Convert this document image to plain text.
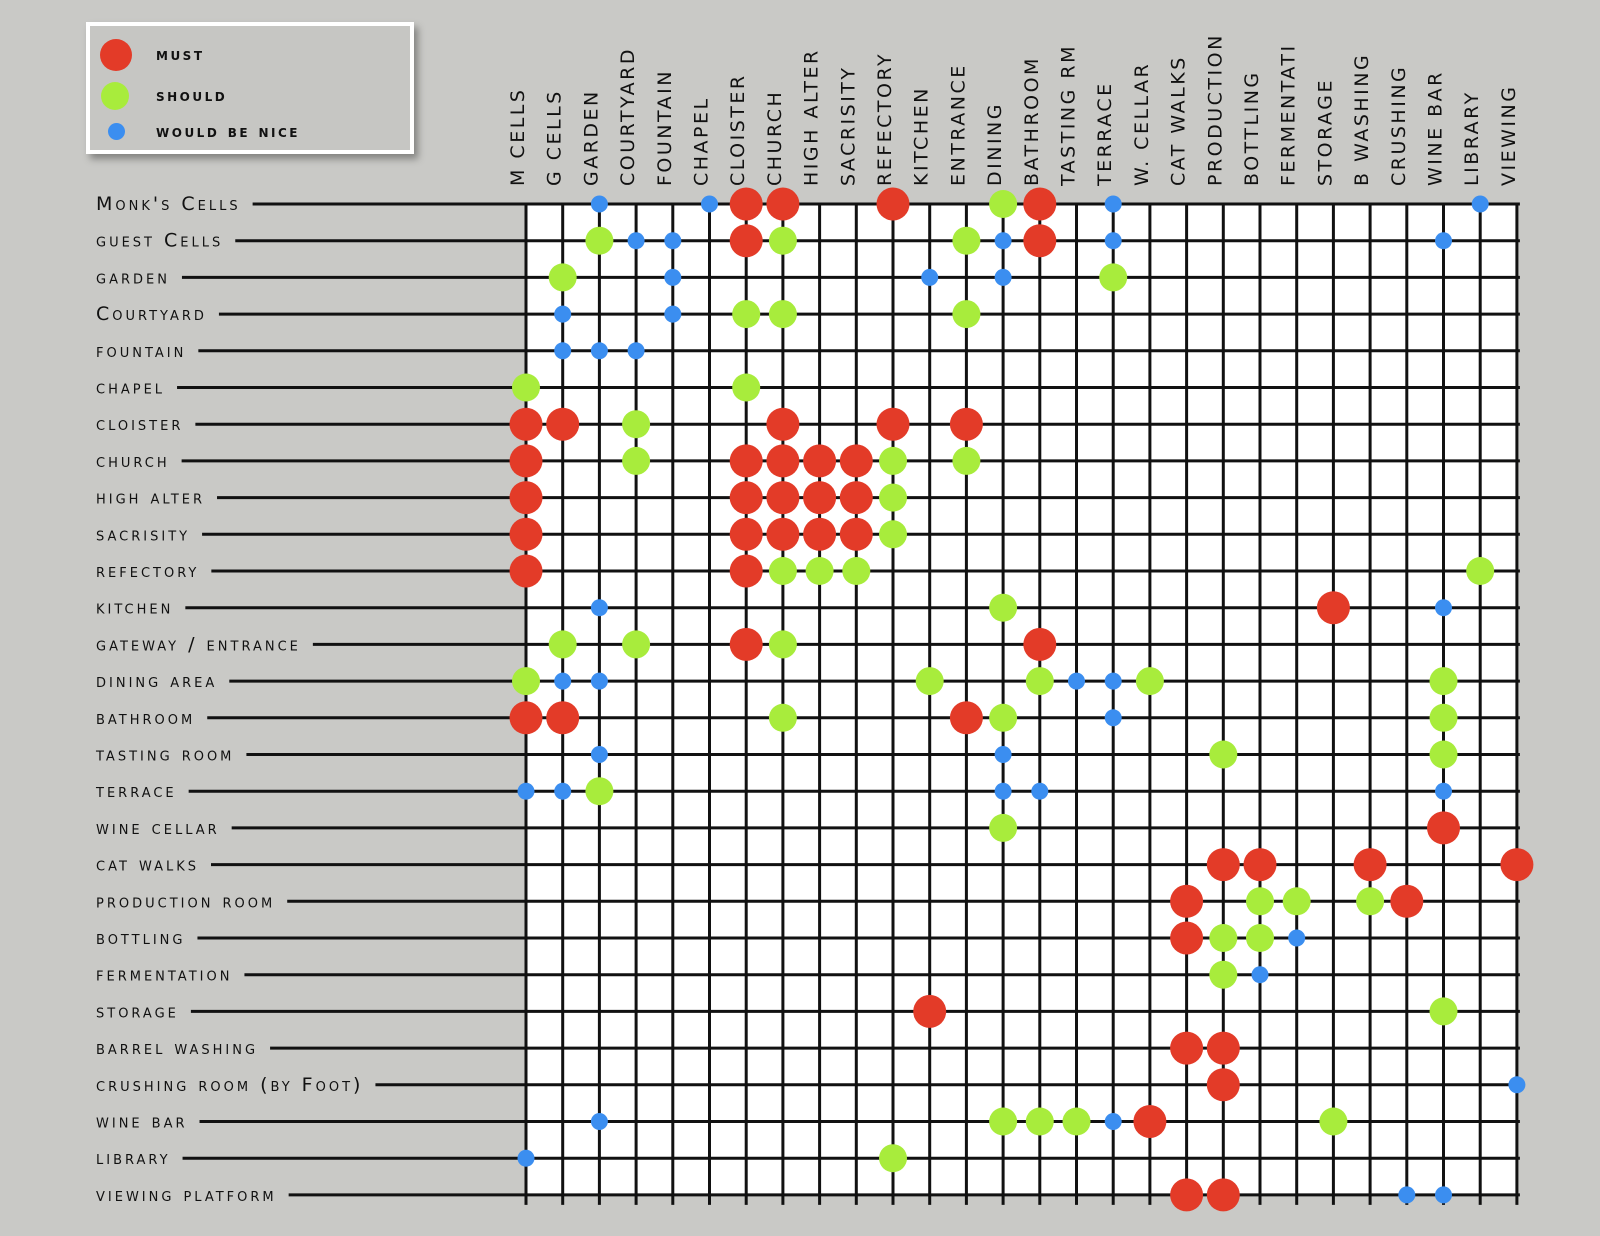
must
should
would be nice
Monk's Cells
guest Cells
garden
Courtyard
fountain
chapel
cloister
church
high alter
sacrisity
refectory
kitchen
gateway / entrance
dining area
bathroom
tasting room
terrace
wine cellar
cat walks
production room
bottling
fermentation
storage
barrel washing
crushing room (by Foot)
wine bar
library
viewing platform
M CELLS G CELLS GARDEN COURTYARD FOUNTAIN CHAPEL CLOISTER CHURCH HIGH ALTER SACRISITY REFECTORY KITCHEN ENTRANCE DINING BATHROOM TASTING RM TERRACE W. CELLAR CAT WALKS PRODUCTION BOTTLING FERMENTATI STORAGE B WASHING CRUSHING WINE BAR LIBRARY VIEWING
